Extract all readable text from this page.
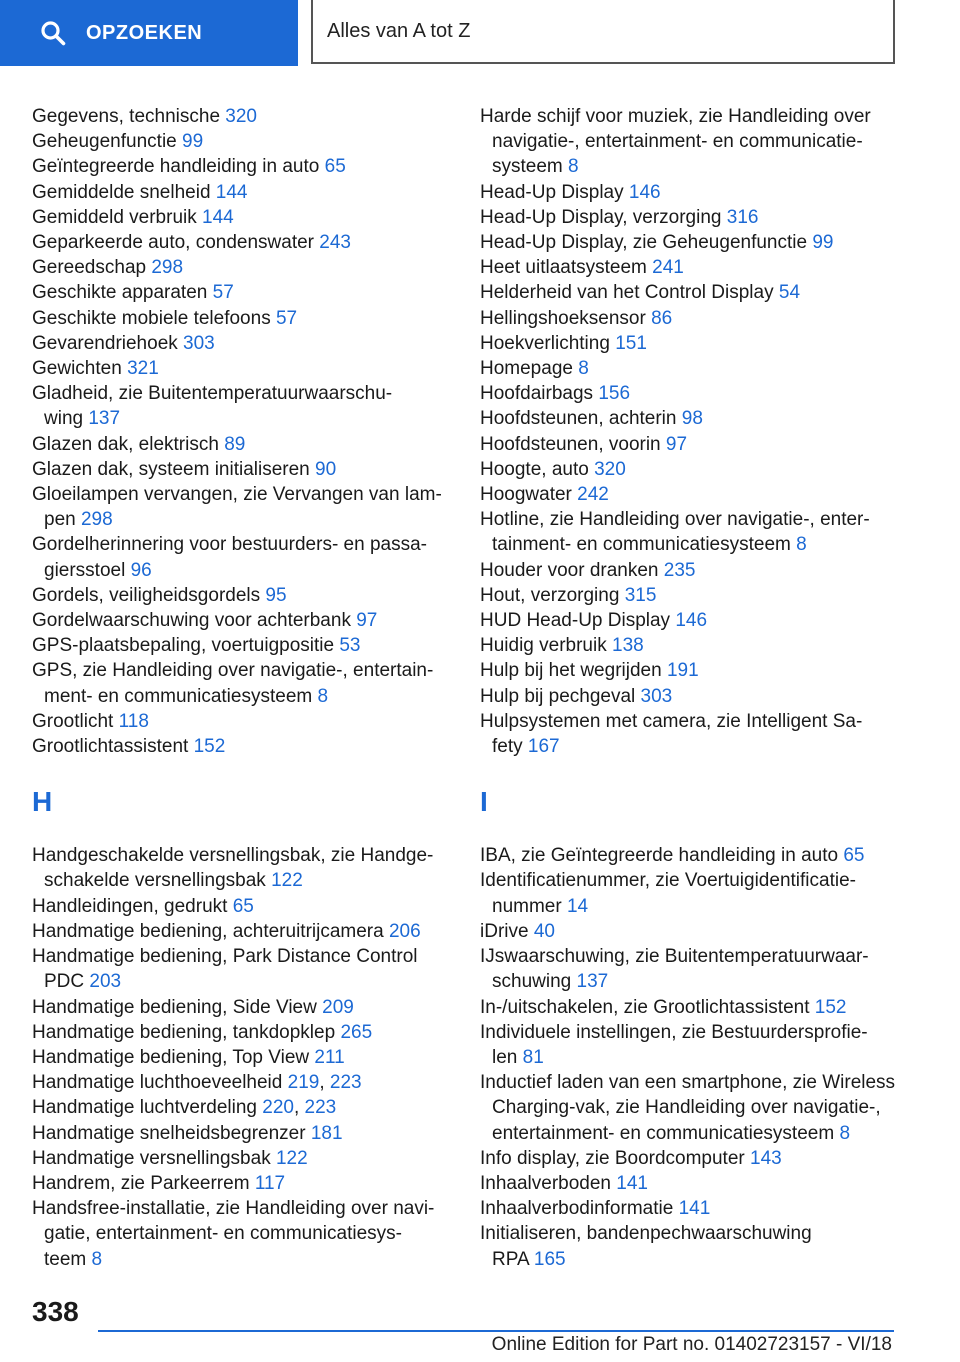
OPZOEKEN	Alles van A tot Z
Gegevens, technische 320
Geheugenfunctie 99
Geïntegreerde handleiding in auto 65
Gemiddelde snelheid 144
Gemiddeld verbruik 144
Geparkeerde auto, condenswater 243
Gereedschap 298
Geschikte apparaten 57
Geschikte mobiele telefoons 57
Gevarendriehoek 303
Gewichten 321
Gladheid, zie Buitentemperatuurwaarschu-
wing 137
Glazen dak, elektrisch 89
Glazen dak, systeem initialiseren 90
Gloeilampen vervangen, zie Vervangen van lam-
pen 298
Gordelherinnering voor bestuurders- en passa-
giersstoel 96
Gordels, veiligheidsgordels 95
Gordelwaarschuwing voor achterbank 97
GPS-plaatsbepaling, voertuigpositie 53
GPS, zie Handleiding over navigatie-, entertain-
ment- en communicatiesysteem 8
Grootlicht 118
Grootlichtassistent 152
H
Handgeschakelde versnellingsbak, zie Handge-
schakelde versnellingsbak 122
Handleidingen, gedrukt 65
Handmatige bediening, achteruitrijcamera 206
Handmatige bediening, Park Distance Control
PDC 203
Handmatige bediening, Side View 209
Handmatige bediening, tankdopklep 265
Handmatige bediening, Top View 211
Handmatige luchthoeveelheid 219, 223
Handmatige luchtverdeling 220, 223
Handmatige snelheidsbegrenzer 181
Handmatige versnellingsbak 122
Handrem, zie Parkeerrem 117
Handsfree-installatie, zie Handleiding over navi-
gatie, entertainment- en communicatiesys-
teem 8
Harde schijf voor muziek, zie Handleiding over
navigatie-, entertainment- en communicatie-
systeem 8
Head-Up Display 146
Head-Up Display, verzorging 316
Head-Up Display, zie Geheugenfunctie 99
Heet uitlaatsysteem 241
Helderheid van het Control Display 54
Hellingshoeksensor 86
Hoekverlichting 151
Homepage 8
Hoofdairbags 156
Hoofdsteunen, achterin 98
Hoofdsteunen, voorin 97
Hoogte, auto 320
Hoogwater 242
Hotline, zie Handleiding over navigatie-, enter-
tainment- en communicatiesysteem 8
Houder voor dranken 235
Hout, verzorging 315
HUD Head-Up Display 146
Huidig verbruik 138
Hulp bij het wegrijden 191
Hulp bij pechgeval 303
Hulpsystemen met camera, zie Intelligent Sa-
fety 167
I
IBA, zie Geïntegreerde handleiding in auto 65
Identificatienummer, zie Voertuigidentificatie-
nummer 14
iDrive 40
IJswaarschuwing, zie Buitentemperatuurwaar-
schuwing 137
In-/uitschakelen, zie Grootlichtassistent 152
Individuele instellingen, zie Bestuurdersprofie-
len 81
Inductief laden van een smartphone, zie Wireless
Charging-vak, zie Handleiding over navigatie-,
entertainment- en communicatiesysteem 8
Info display, zie Boordcomputer 143
Inhaalverboden 141
Inhaalverbodinformatie 141
Initialiseren, bandenpechwaarschuwing
RPA 165
338
Online Edition for Part no. 01402723157 - VI/18
